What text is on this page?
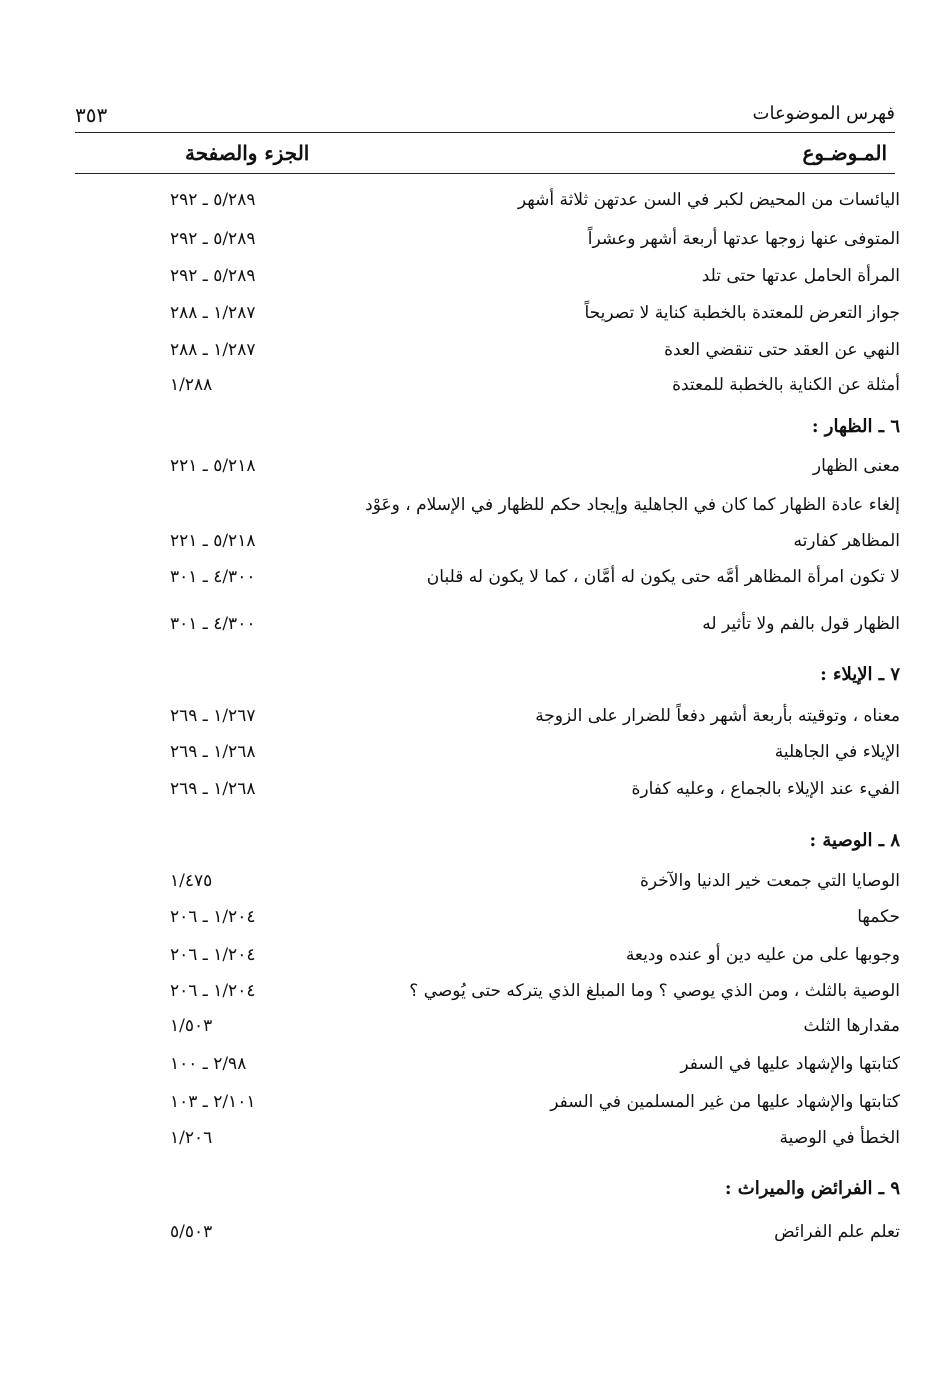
فهرس الموضوعات
٣٥٣
المـوضـوع
الجزء والصفحة
اليائسات من المحيض لكبر في السن عدتهن ثلاثة أشهر
٥/٢٨٩ ـ ٢٩٢
المتوفى عنها زوجها عدتها أربعة أشهر وعشراً
٥/٢٨٩ ـ ٢٩٢
المرأة الحامل عدتها حتى تلد
٥/٢٨٩ ـ ٢٩٢
جواز التعرض للمعتدة بالخطبة كناية لا تصريحاً
١/٢٨٧ ـ ٢٨٨
النهي عن العقد حتى تنقضي العدة
١/٢٨٧ ـ ٢٨٨
أمثلة عن الكناية بالخطبة للمعتدة
١/٢٨٨
٦ ـ الظهار :
معنى الظهار
٥/٢١٨ ـ ٢٢١
إلغاء عادة الظهار كما كان في الجاهلية وإيجاد حكم للظهار في الإسلام ، وعَوْد
المظاهر كفارته
٥/٢١٨ ـ ٢٢١
لا تكون امرأة المظاهر أمَّه حتى يكون له أمَّان ، كما لا يكون له قلبان
٤/٣٠٠ ـ ٣٠١
الظهار قول بالفم ولا تأثير له
٤/٣٠٠ ـ ٣٠١
٧ ـ الإيلاء :
معناه ، وتوقيته بأربعة أشهر دفعاً للضرار على الزوجة
١/٢٦٧ ـ ٢٦٩
الإيلاء في الجاهلية
١/٢٦٨ ـ ٢٦٩
الفيء عند الإيلاء بالجماع ، وعليه كفارة
١/٢٦٨ ـ ٢٦٩
٨ ـ الوصية :
الوصايا التي جمعت خير الدنيا والآخرة
١/٤٧٥
حكمها
١/٢٠٤ ـ ٢٠٦
وجوبها على من عليه دين أو عنده وديعة
١/٢٠٤ ـ ٢٠٦
الوصية بالثلث ، ومن الذي يوصي ؟ وما المبلغ الذي يتركه حتى يُوصي ؟
١/٢٠٤ ـ ٢٠٦
مقدارها الثلث
١/٥٠٣
كتابتها والإشهاد عليها في السفر
٢/٩٨ ـ ١٠٠
كتابتها والإشهاد عليها من غير المسلمين في السفر
٢/١٠١ ـ ١٠٣
الخطأ في الوصية
١/٢٠٦
٩ ـ الفرائض والميراث :
تعلم علم الفرائض
٥/٥٠٣
